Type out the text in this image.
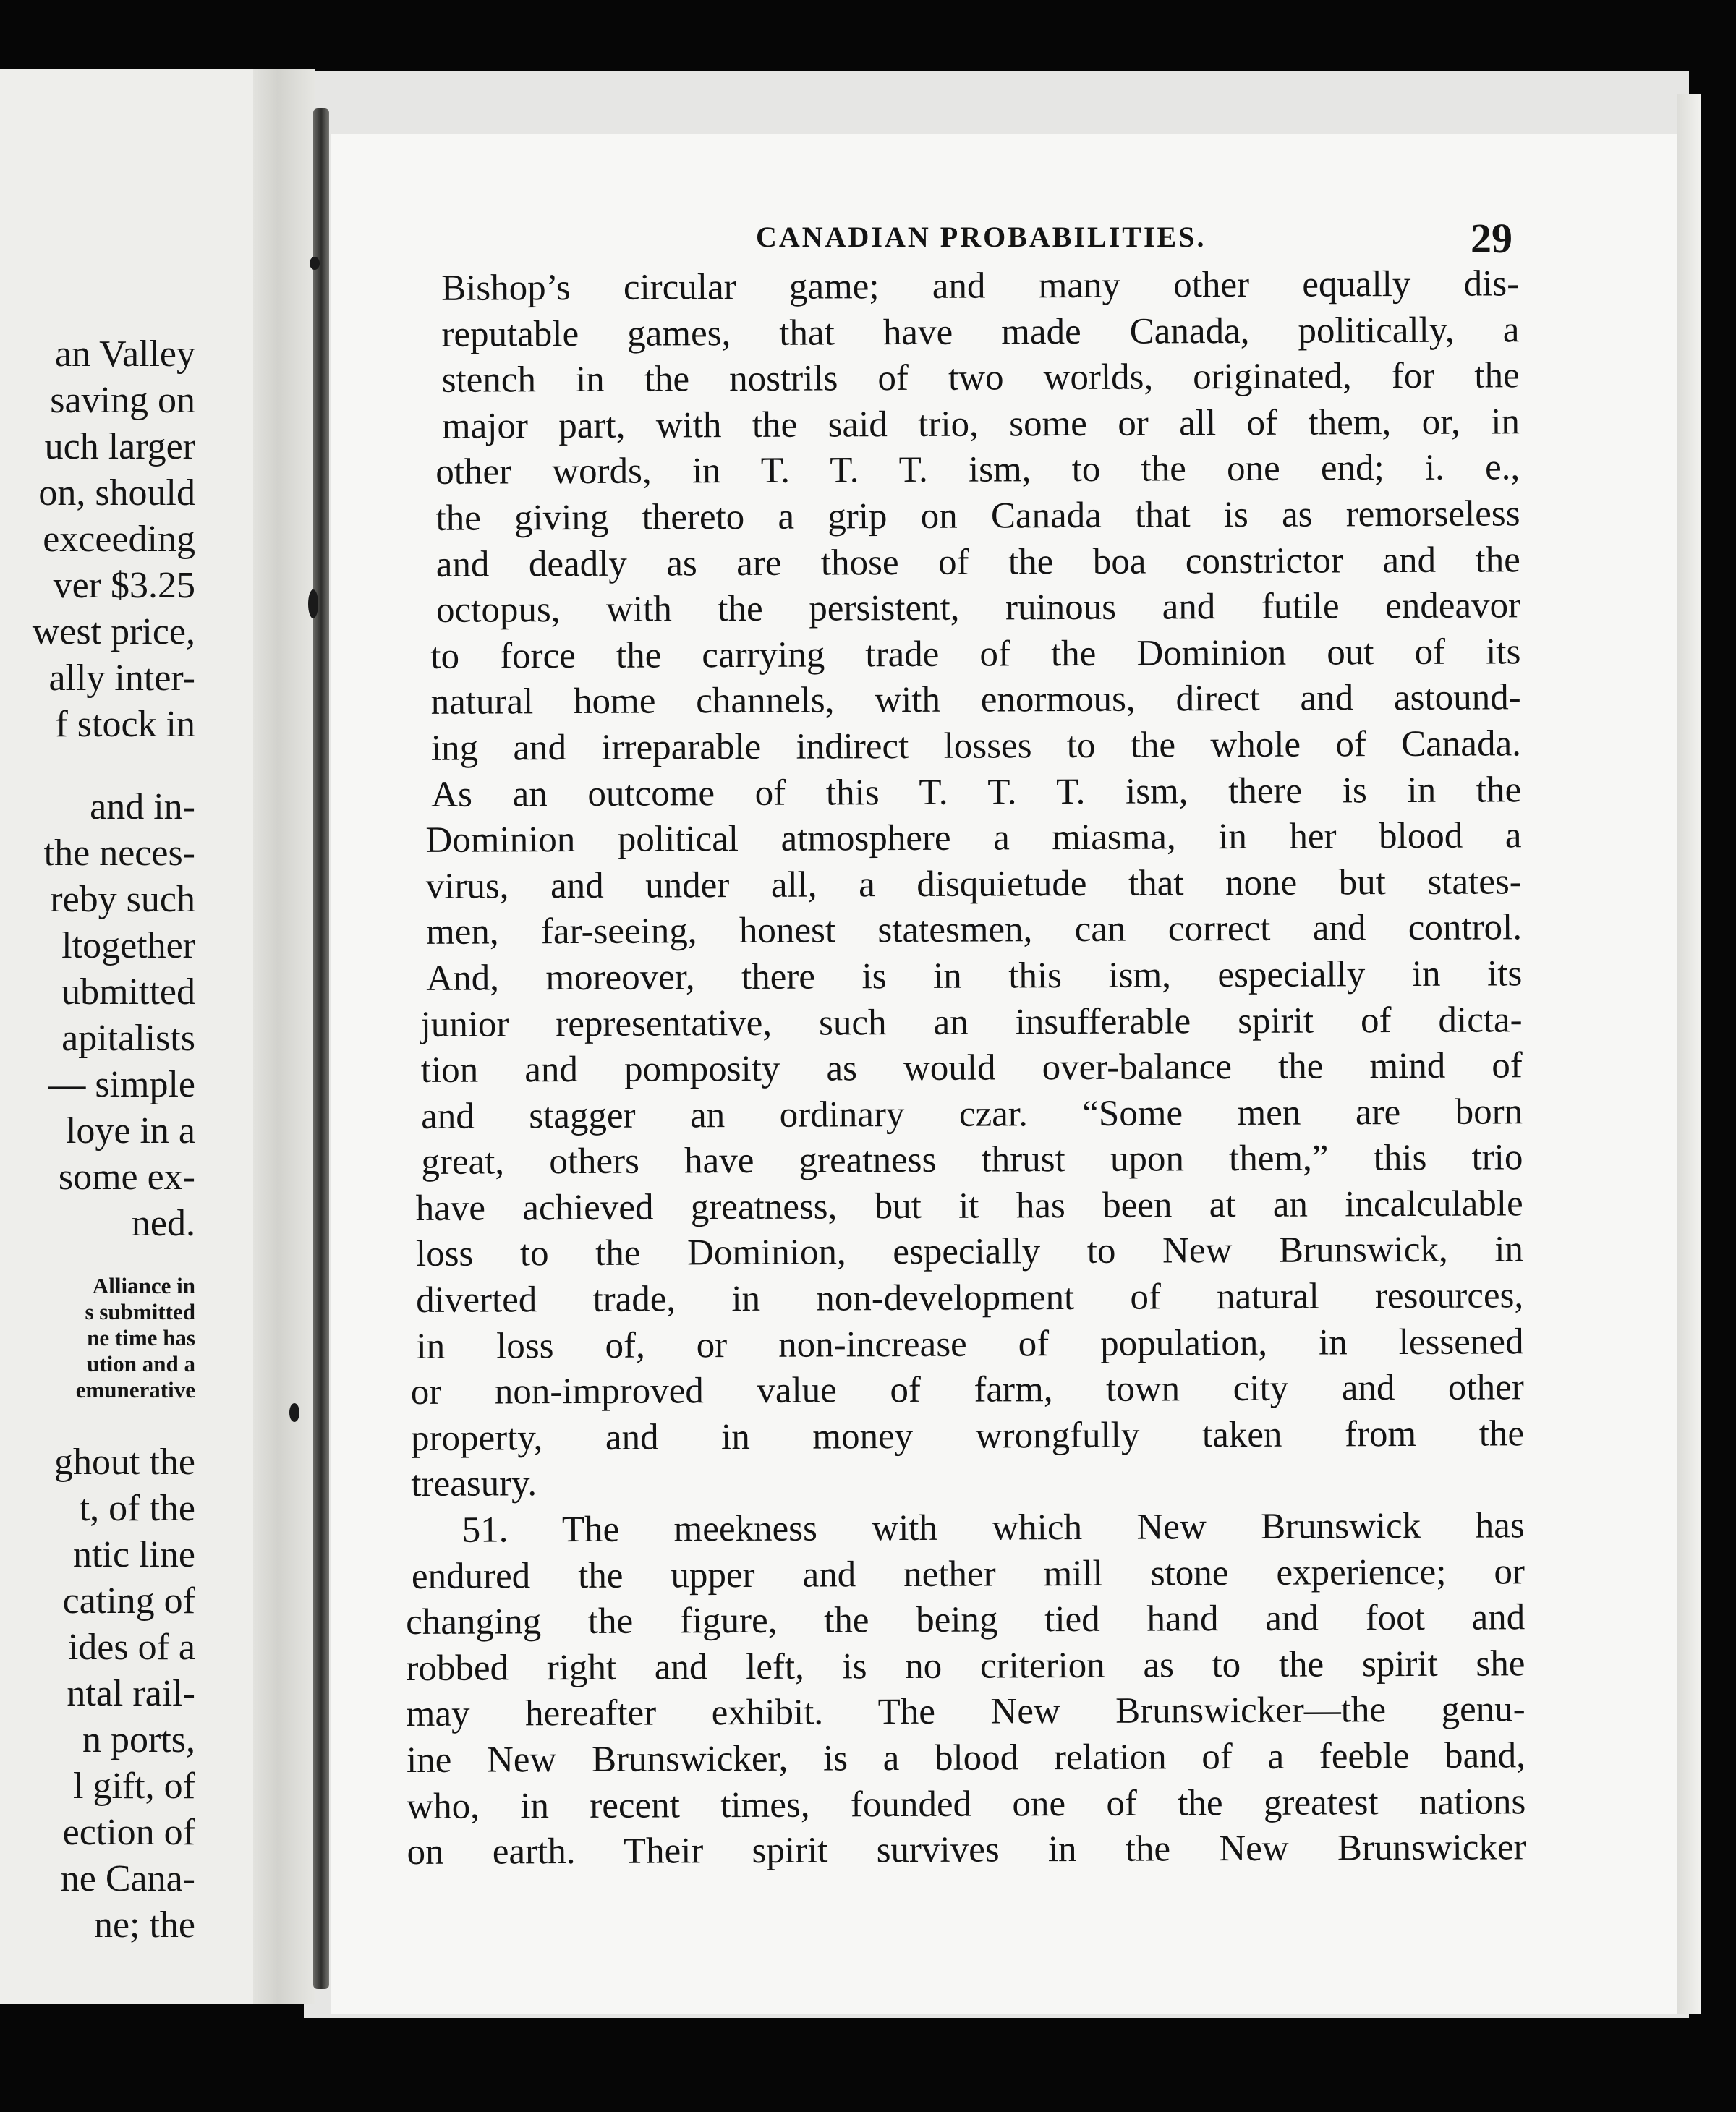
an Valley
saving on
uch larger
on, should
exceeding
ver $3.25
west price,
ally inter-
f stock in
and in-
the neces-
reby such
ltogether
ubmitted
apitalists
— simple
loye in a
some ex-
ned.
Alliance in
s submitted
ne time has
ution and a
emunerative
ghout the
t, of the
ntic line
cating of
ides of a
ntal rail-
n ports,
l gift, of
ection of
ne Cana-
ne; the
CANADIAN PROBABILITIES.	29
Bishop’s circular game; and many other equally dis-
reputable games, that have made Canada, politically, a
stench in the nostrils of two worlds, originated, for the
major part, with the said trio, some or all of them, or, in
other words, in T. T. T. ism, to the one end; i. e.,
the giving thereto a grip on Canada that is as remorseless
and deadly as are those of the boa constrictor and the
octopus, with the persistent, ruinous and futile endeavor
to force the carrying trade of the Dominion out of its
natural home channels, with enormous, direct and astound-
ing and irreparable indirect losses to the whole of Canada.
As an outcome of this T. T. T. ism, there is in the
Dominion political atmosphere a miasma, in her blood a
virus, and under all, a disquietude that none but states-
men, far-seeing, honest statesmen, can correct and control.
And, moreover, there is in this ism, especially in its
junior representative, such an insufferable spirit of dicta-
tion and pomposity as would over-balance the mind of
and stagger an ordinary czar. “Some men are born
great, others have greatness thrust upon them,” this trio
have achieved greatness, but it has been at an incalculable
loss to the Dominion, especially to New Brunswick, in
diverted trade, in non-development of natural resources,
in loss of, or non-increase of population, in lessened
or non-improved value of farm, town city and other
property, and in money wrongfully taken from the
treasury.
51. The meekness with which New Brunswick has
endured the upper and nether mill stone experience; or
changing the figure, the being tied hand and foot and
robbed right and left, is no criterion as to the spirit she
may hereafter exhibit. The New Brunswicker—the genu-
ine New Brunswicker, is a blood relation of a feeble band,
who, in recent times, founded one of the greatest nations
on earth. Their spirit survives in the New Brunswicker
